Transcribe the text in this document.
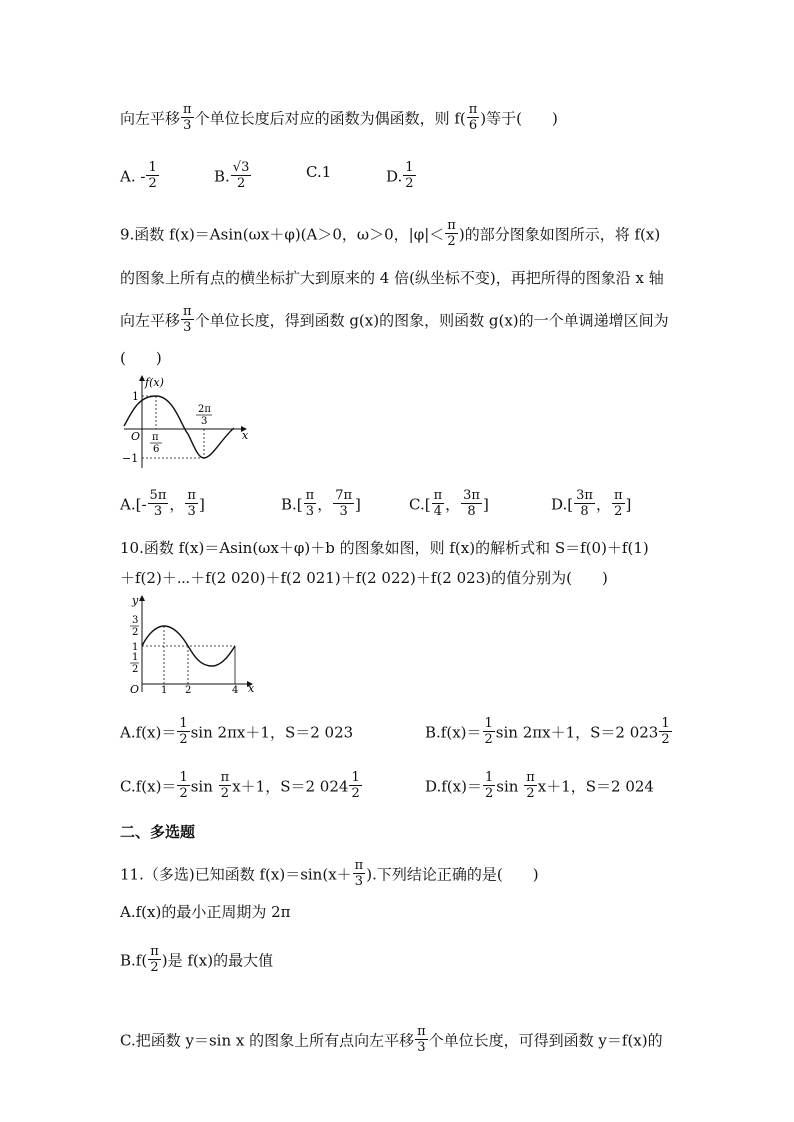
向左平移 $\frac{\pi}{3}$ 个单位长度后对应的函数为偶函数，则 $f( \frac{\pi}{6}$ )等于(　　)
A. - $\frac{1}{2}$	B. $\frac{√3}{2}$	C.1	D. $\frac{1}{2}$
9.函数 f(x)＝Asin(ωx＋φ)(A＞0，ω＞0，$|\varphi|< \frac{\pi}{2}$ )的部分图象如图所示，将 f(x)
的图象上所有点的横坐标扩大到原来的 4 倍(纵坐标不变)，再把所得的图象沿 x 轴
向左平移 $\frac{\pi}{3}$ 个单位长度，得到函数 g(x)的图象，则函数 g(x)的一个单调递增区间为
(　　)
f(x)
x
O
1
−1
π
6
2π
3
$A.[- \frac{5\pi}{3}$ ， $\frac{\pi}{3}$ ]	$B.[ \frac{\pi}{3}$ ， $\frac{7\pi}{3}$ ]	$C.[ \frac{\pi}{4}$ ， $\frac{3\pi}{8}$ ]	$D.[ \frac{3\pi}{8}$ ， $\frac{\pi}{2}$ ]
10.函数 f(x)＝Asin(ωx＋φ)＋b 的图象如图，则 f(x)的解析式和 S＝f(0)＋f(1)
＋f(2)＋⋯＋f(2 020)＋f(2 021)＋f(2 022)＋f(2 023)的值分别为(　　)
y
x
O
3
2
1
1
2
1 2	4
$A.f(x)= \frac{1}{2}$ sin 2πx＋1，S＝2 023	$B.f(x)= \frac{1}{2}$ sin 2πx＋1，S＝2 $023 \frac{1}{2}$
$C.f(x)= \frac{1}{2}$ $\sin \frac{\pi}{2} x+1$，S＝2 $024 \frac{1}{2}$	$D.f(x)= \frac{1}{2}$ $\sin \frac{\pi}{2} x+1$，S＝2 024
二、多选题
11.（多选)已知函数 $f(x)=\sin(x+ \frac{\pi}{3}$ ).下列结论正确的是(　　)
A.f(x)的最小正周期为 2π
$B.f( \frac{\pi}{2}$ )是 f(x)的最大值
C.把函数 y＝sin x 的图象上所有点向左平移 $\frac{\pi}{3}$ 个单位长度，可得到函数 y＝f(x)的
